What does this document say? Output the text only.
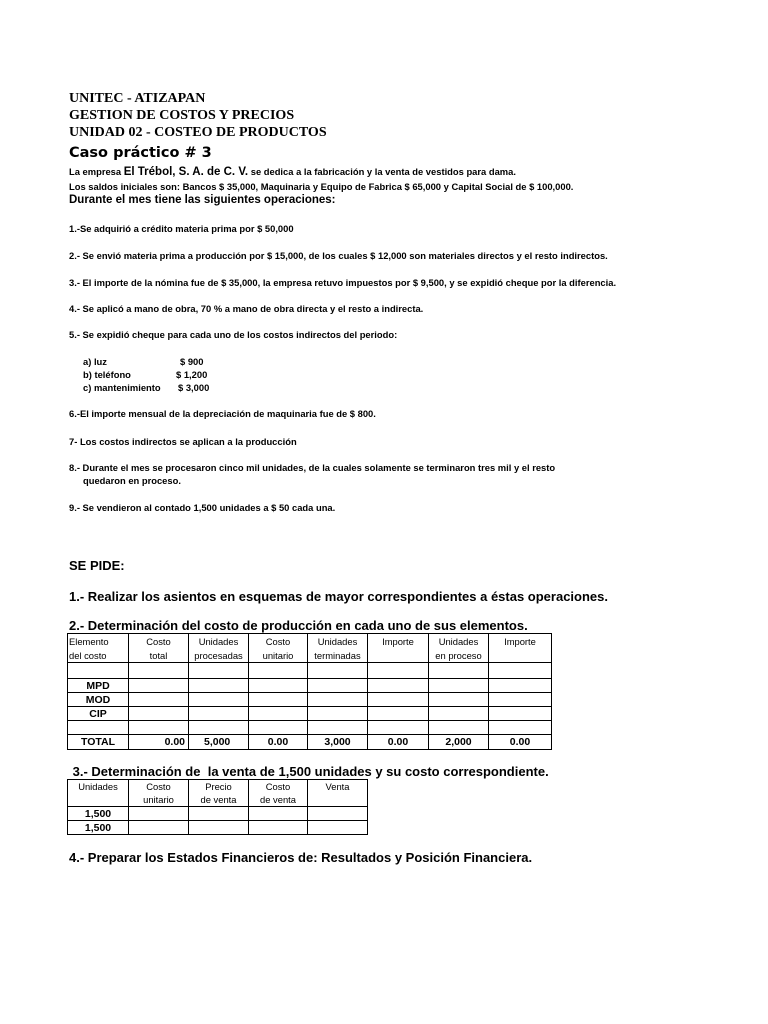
UNITEC - ATIZAPAN
GESTION DE COSTOS Y PRECIOS
UNIDAD 02 - COSTEO DE PRODUCTOS
Caso práctico # 3
La empresa El Trébol, S. A. de C. V. se dedica a la fabricación y la venta de vestidos para dama.
Los saldos iniciales son: Bancos $ 35,000, Maquinaria y Equipo de Fabrica $ 65,000 y Capital Social de $ 100,000.
Durante el mes tiene las siguientes operaciones:
1.-Se adquirió a crédito materia prima por $ 50,000
2.- Se envió materia prima a producción por $ 15,000, de los cuales $ 12,000 son materiales directos y el resto indirectos.
3.- El importe de la nómina fue de $ 35,000, la empresa retuvo impuestos por $ 9,500, y se expidió cheque por la diferencia.
4.- Se aplicó a mano de obra, 70 % a mano de obra directa y el resto a indirecta.
5.- Se expidió cheque para cada uno de los costos indirectos del periodo:
a) luz	$ 900
b) teléfono	$ 1,200
c) mantenimiento $ 3,000
6.-El importe mensual de la depreciación de maquinaria fue de $ 800.
7- Los costos indirectos se aplican a la producción
8.- Durante el mes se procesaron cinco mil unidades, de la cuales solamente se terminaron tres mil y el resto
quedaron en proceso.
9.- Se vendieron al contado 1,500 unidades a $ 50 cada una.
SE PIDE:
1.- Realizar los asientos en esquemas de mayor correspondientes a éstas operaciones.
2.- Determinación del costo de producción en cada uno de sus elementos.
Elemento	Costo	Unidades	Costo	Unidades	Importe	Unidades	Importe
del costo	total	procesadas	unitario	terminadas		en proceso	

MPD							
MOD							
CIP							

TOTAL	0.00	5,000	0.00	3,000	0.00	2,000	0.00
3.- Determinación de  la venta de 1,500 unidades y su costo correspondiente.
Unidades	Costo	Precio	Costo	Venta
	unitario	de venta	de venta	
1,500				
1,500				
4.- Preparar los Estados Financieros de: Resultados y Posición Financiera.
